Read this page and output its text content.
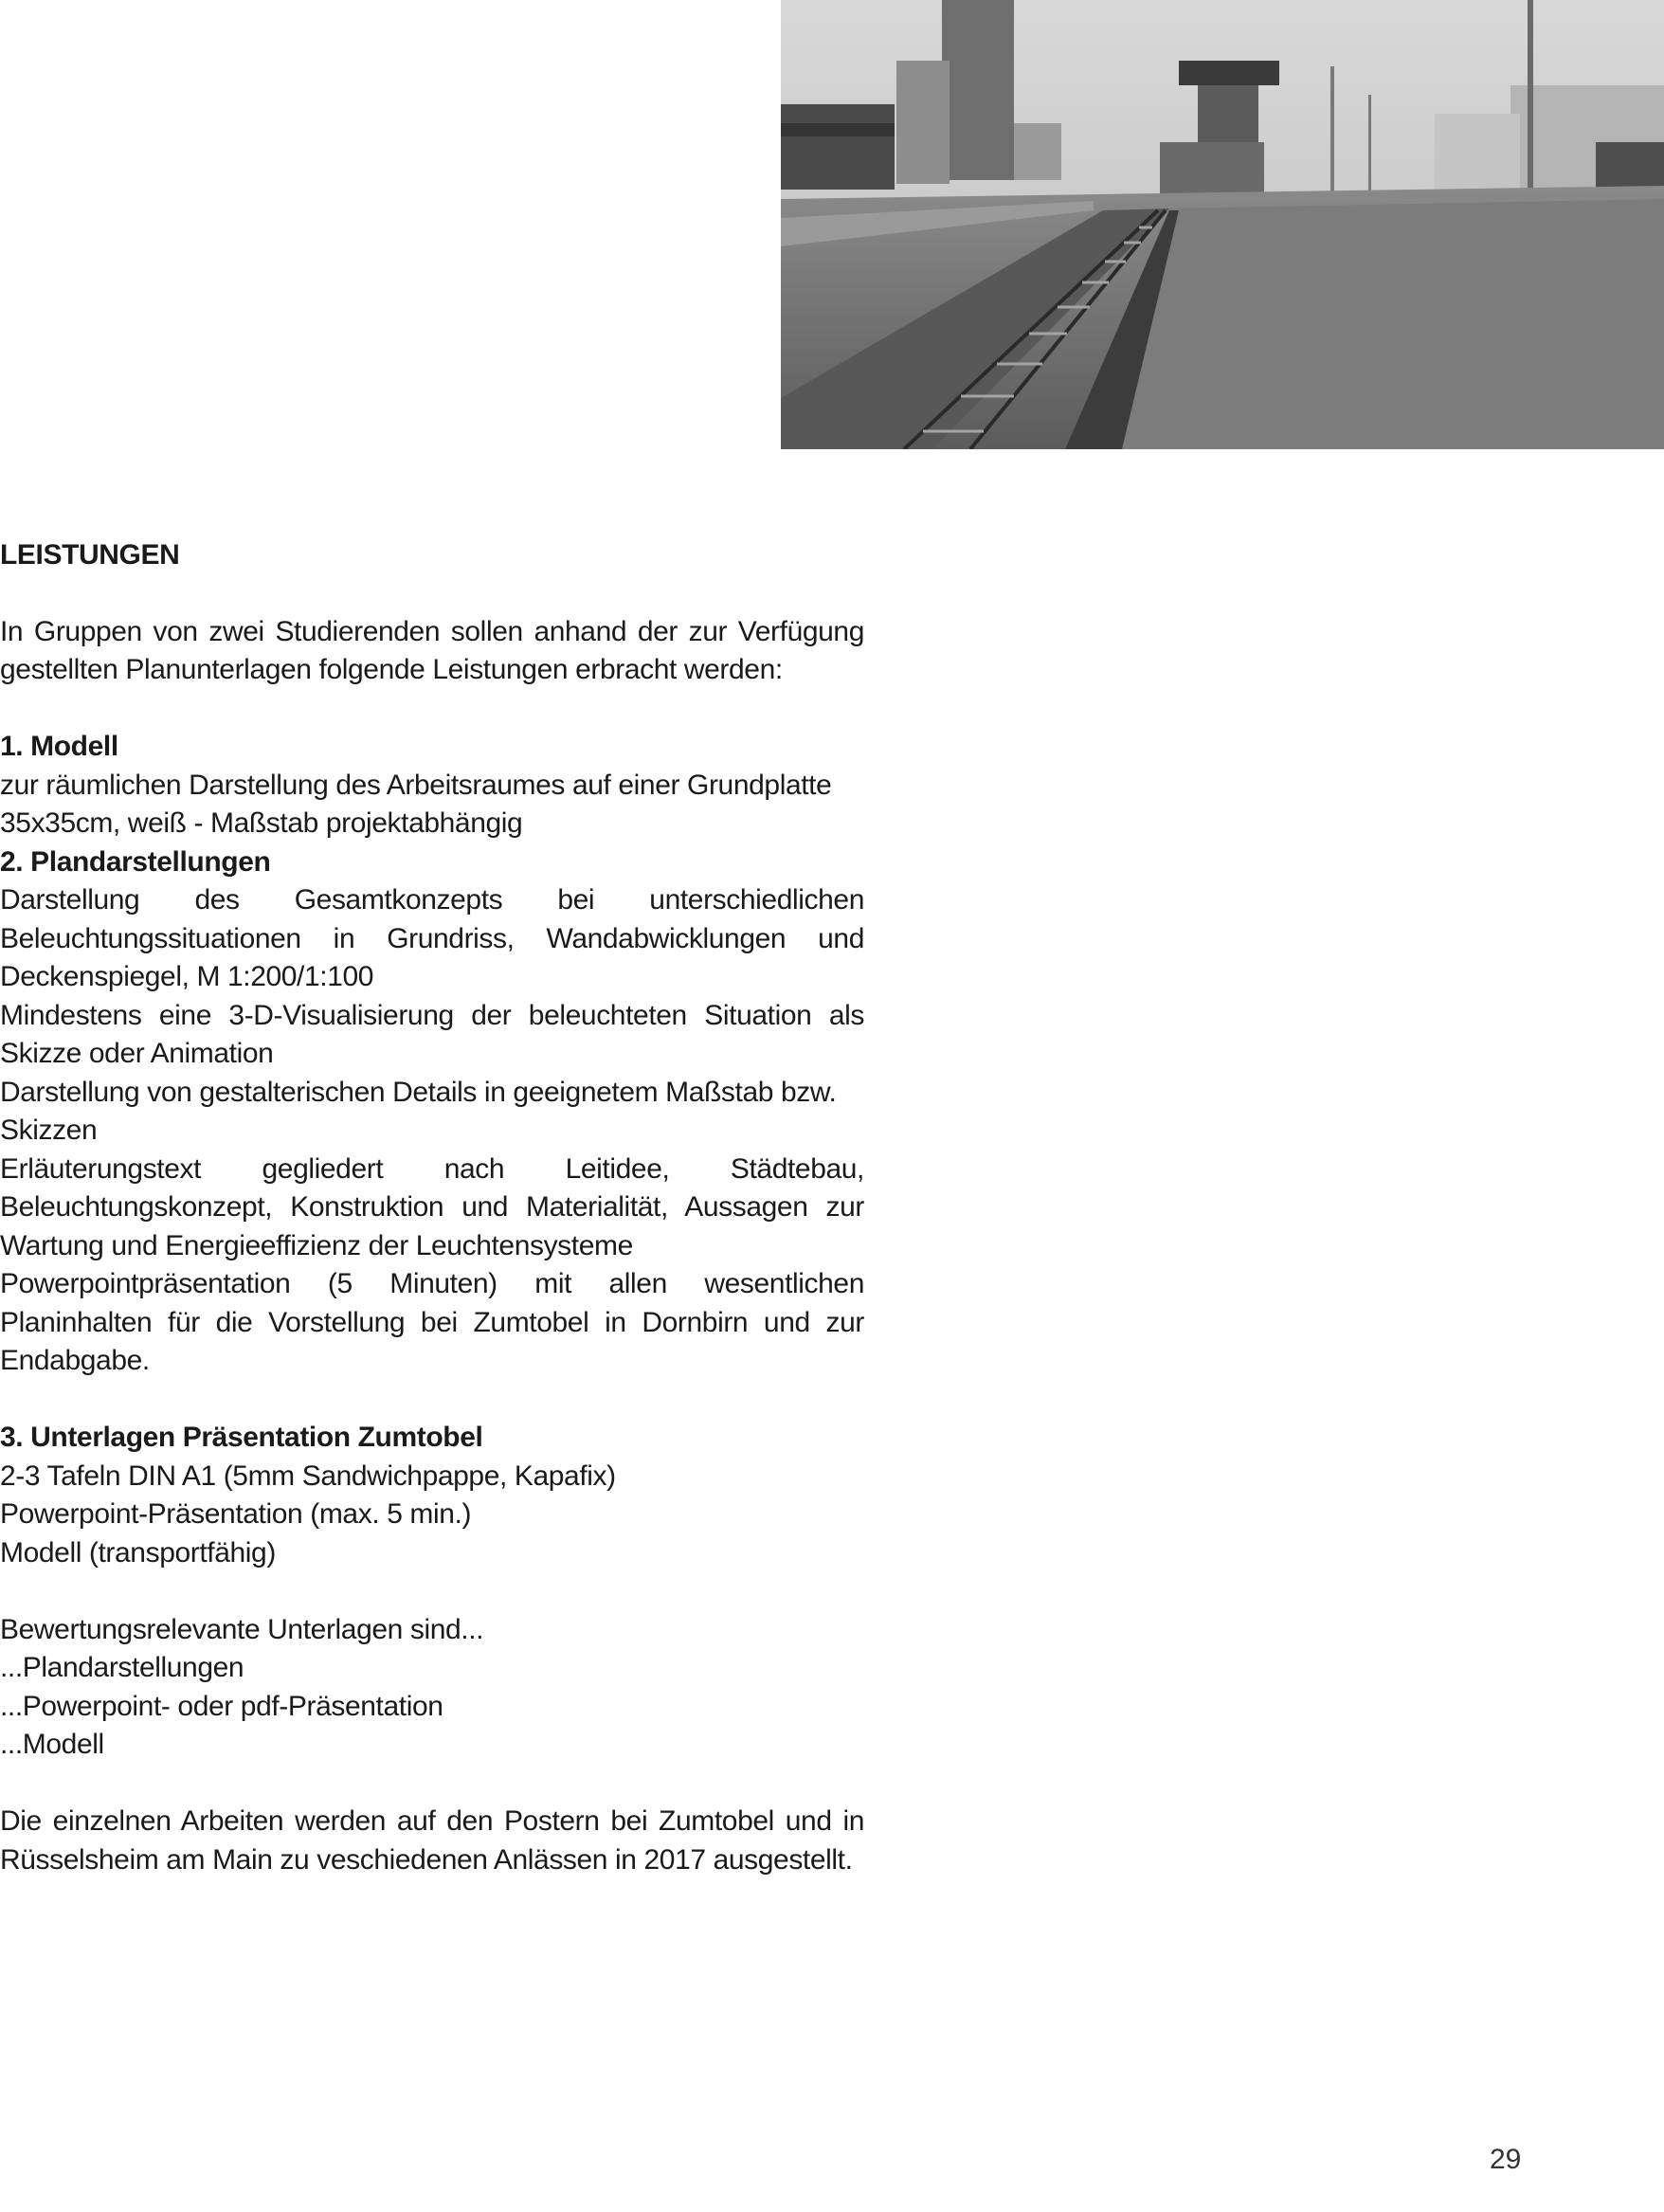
LEISTUNGEN

In Gruppen von zwei Studierenden sollen anhand der zur Verfügung gestellten Planunterlagen folgende Leistungen erbracht werden:

1. Modell

zur räumlichen Darstellung des Arbeitsraumes auf einer Grundplatte 35x35cm, weiß - Maßstab projektabhängig

2. Plandarstellungen

Darstellung des Gesamtkonzepts bei unterschiedlichen Beleuchtungssituationen in Grundriss, Wandabwicklungen und Deckenspiegel, M 1:200/1:100

Mindestens eine 3-D-Visualisierung der beleuchteten Situation als Skizze oder Animation

Darstellung von gestalterischen Details in geeignetem Maßstab bzw. Skizzen

Erläuterungstext gegliedert nach Leitidee, Städtebau, Beleuchtungskonzept, Konstruktion und Materialität, Aussagen zur Wartung und Energieeffizienz der Leuchtensysteme

Powerpointpräsentation (5 Minuten) mit allen wesentlichen Planinhalten für die Vorstellung bei Zumtobel in Dornbirn und zur Endabgabe.

3. Unterlagen Präsentation Zumtobel

2-3 Tafeln DIN A1 (5mm Sandwichpappe, Kapafix)

Powerpoint-Präsentation (max. 5 min.)

Modell (transportfähig)

Bewertungsrelevante Unterlagen sind...

...Plandarstellungen

...Powerpoint- oder pdf-Präsentation

...Modell

Die einzelnen Arbeiten werden auf den Postern bei Zumtobel und in Rüsselsheim am Main zu veschiedenen Anlässen in 2017 ausgestellt.

29
